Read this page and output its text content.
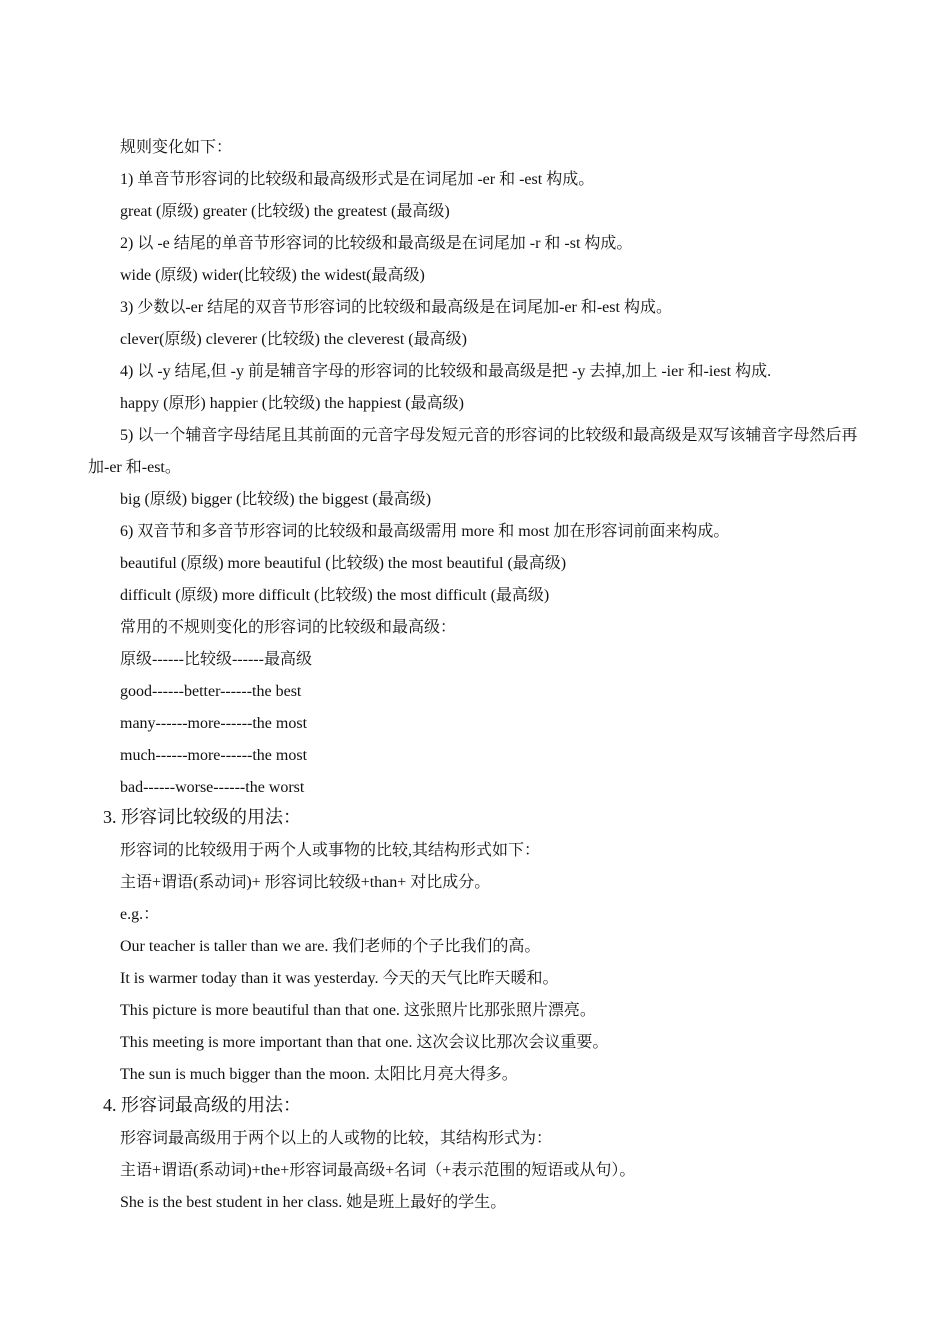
规则变化如下：
1) 单音节形容词的比较级和最高级形式是在词尾加 -er 和 -est 构成。
great (原级) greater (比较级) the greatest (最高级)
2) 以 -e 结尾的单音节形容词的比较级和最高级是在词尾加 -r 和 -st 构成。
wide (原级) wider(比较级) the widest(最高级)
3) 少数以-er 结尾的双音节形容词的比较级和最高级是在词尾加-er 和-est 构成。
clever(原级) cleverer (比较级) the cleverest (最高级)
4) 以 -y 结尾,但 -y 前是辅音字母的形容词的比较级和最高级是把 -y 去掉,加上 -ier 和-iest 构成.
happy (原形) happier (比较级) the happiest (最高级)
5) 以一个辅音字母结尾且其前面的元音字母发短元音的形容词的比较级和最高级是双写该辅音字母然后再加-er 和-est。
big (原级) bigger (比较级) the biggest (最高级)
6) 双音节和多音节形容词的比较级和最高级需用 more 和 most 加在形容词前面来构成。
beautiful (原级) more beautiful (比较级) the most beautiful (最高级)
difficult (原级) more difficult (比较级) the most difficult (最高级)
常用的不规则变化的形容词的比较级和最高级：
原级------比较级------最高级
good------better------the best
many------more------the most
much------more------the most
bad------worse------the worst
3. 形容词比较级的用法：
形容词的比较级用于两个人或事物的比较,其结构形式如下：
主语+谓语(系动词)+ 形容词比较级+than+ 对比成分。
e.g.：
Our teacher is taller than we are. 我们老师的个子比我们的高。
It is warmer today than it was yesterday. 今天的天气比昨天暖和。
This picture is more beautiful than that one. 这张照片比那张照片漂亮。
This meeting is more important than that one. 这次会议比那次会议重要。
The sun is much bigger than the moon. 太阳比月亮大得多。
4. 形容词最高级的用法：
形容词最高级用于两个以上的人或物的比较，其结构形式为：
主语+谓语(系动词)+the+形容词最高级+名词（+表示范围的短语或从句）。
She is the best student in her class. 她是班上最好的学生。
